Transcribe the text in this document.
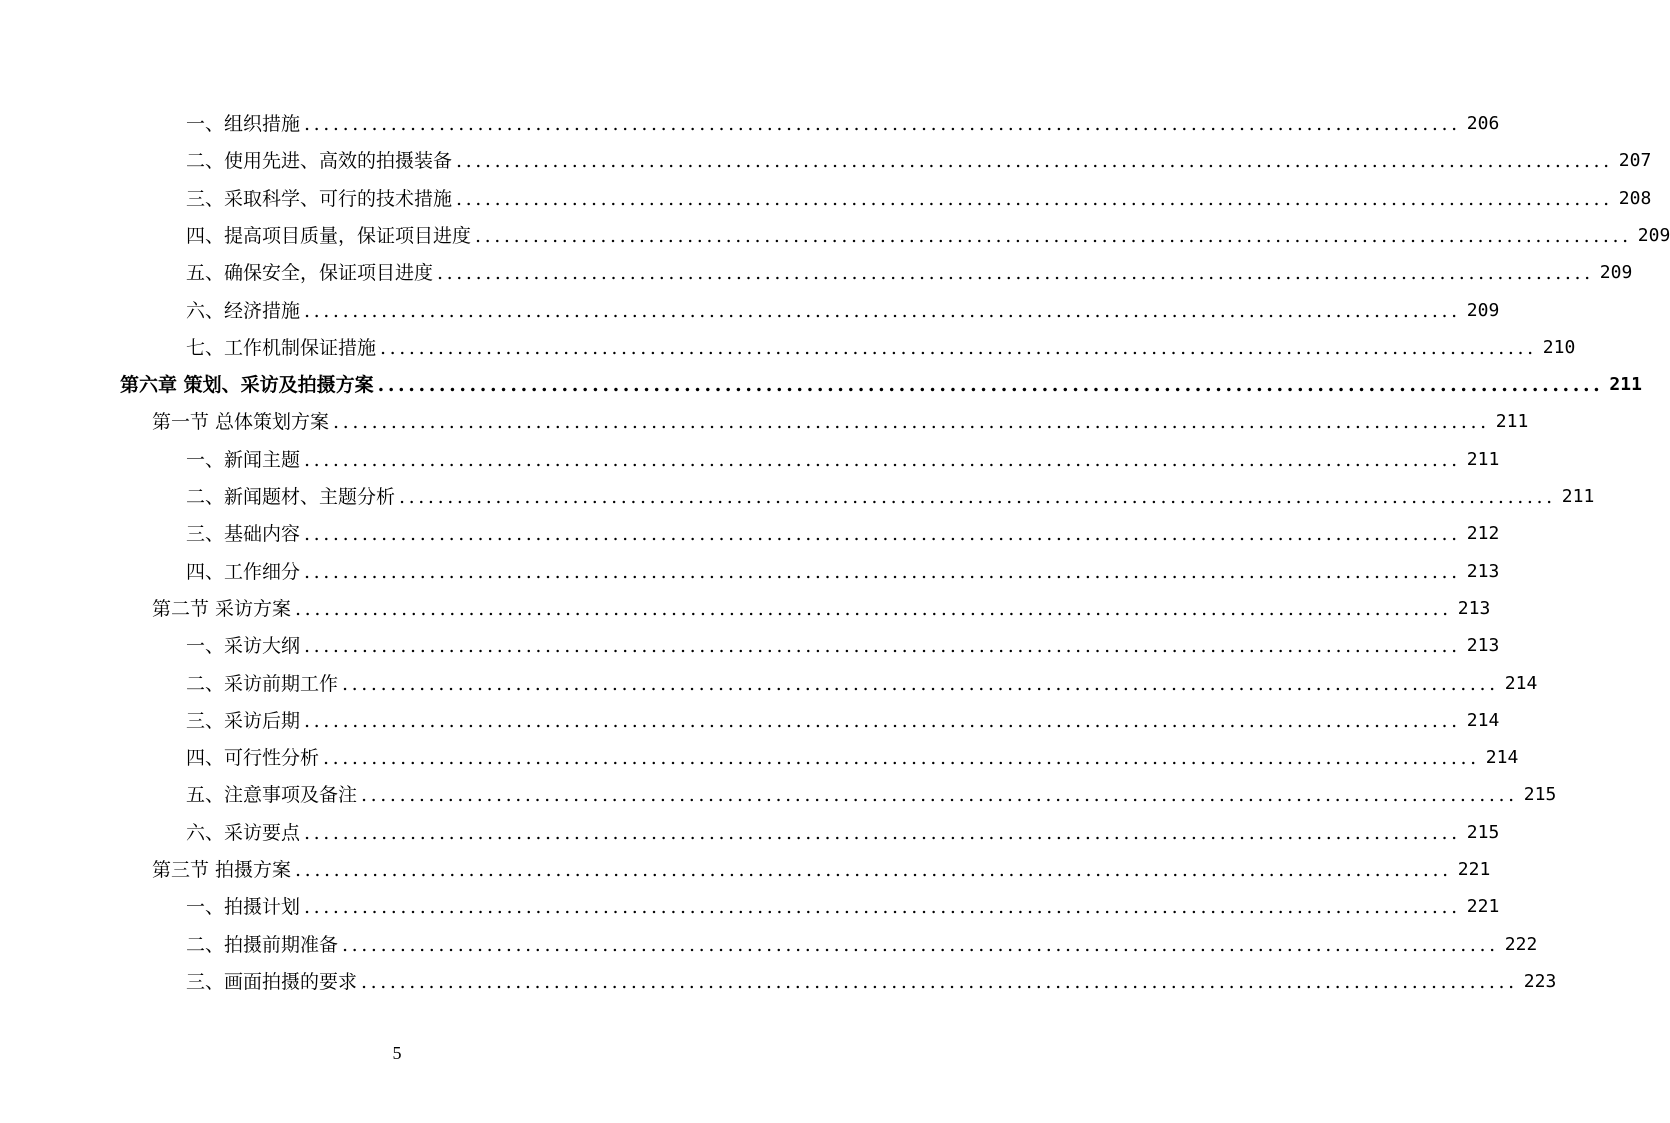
一、组织措施 ........................................................................................................................ 206
二、使用先进、高效的拍摄装备 ........................................................................................................................ 207
三、采取科学、可行的技术措施 ........................................................................................................................ 208
四、提高项目质量，保证项目进度 ........................................................................................................................ 209
五、确保安全，保证项目进度 ........................................................................................................................ 209
六、经济措施 ........................................................................................................................ 209
七、工作机制保证措施 ........................................................................................................................ 210
第六章 策划、采访及拍摄方案 ........................................................................................................................ 211
第一节 总体策划方案 ........................................................................................................................ 211
一、新闻主题 ........................................................................................................................ 211
二、新闻题材、主题分析 ........................................................................................................................ 211
三、基础内容 ........................................................................................................................ 212
四、工作细分 ........................................................................................................................ 213
第二节 采访方案 ........................................................................................................................ 213
一、采访大纲 ........................................................................................................................ 213
二、采访前期工作 ........................................................................................................................ 214
三、采访后期 ........................................................................................................................ 214
四、可行性分析 ........................................................................................................................ 214
五、注意事项及备注 ........................................................................................................................ 215
六、采访要点 ........................................................................................................................ 215
第三节 拍摄方案 ........................................................................................................................ 221
一、拍摄计划 ........................................................................................................................ 221
二、拍摄前期准备 ........................................................................................................................ 222
三、画面拍摄的要求 ........................................................................................................................ 223
5
